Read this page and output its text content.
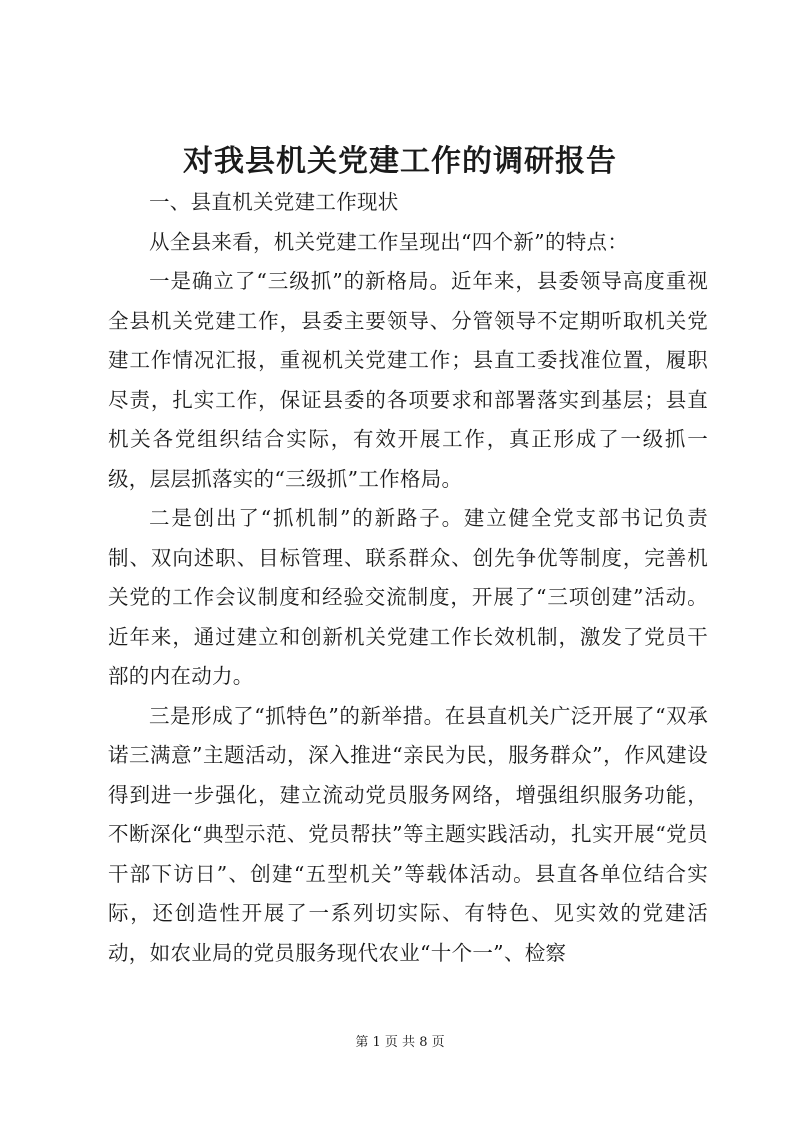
对我县机关党建工作的调研报告

一、县直机关党建工作现状

从全县来看，机关党建工作呈现出“四个新”的特点：

一是确立了“三级抓”的新格局。近年来，县委领导高度重视全县机关党建工作，县委主要领导、分管领导不定期听取机关党建工作情况汇报，重视机关党建工作；县直工委找准位置，履职尽责，扎实工作，保证县委的各项要求和部署落实到基层；县直机关各党组织结合实际，有效开展工作，真正形成了一级抓一级，层层抓落实的“三级抓”工作格局。

二是创出了“抓机制”的新路子。建立健全党支部书记负责制、双向述职、目标管理、联系群众、创先争优等制度，完善机关党的工作会议制度和经验交流制度，开展了“三项创建”活动。近年来，通过建立和创新机关党建工作长效机制，激发了党员干部的内在动力。

三是形成了“抓特色”的新举措。在县直机关广泛开展了“双承诺三满意”主题活动，深入推进“亲民为民，服务群众”，作风建设得到进一步强化，建立流动党员服务网络，增强组织服务功能，不断深化“典型示范、党员帮扶”等主题实践活动，扎实开展“党员干部下访日”、创建“五型机关”等载体活动。县直各单位结合实际，还创造性开展了一系列切实际、有特色、见实效的党建活动，如农业局的党员服务现代农业“十个一”、检察

第 1 页 共 8 页
